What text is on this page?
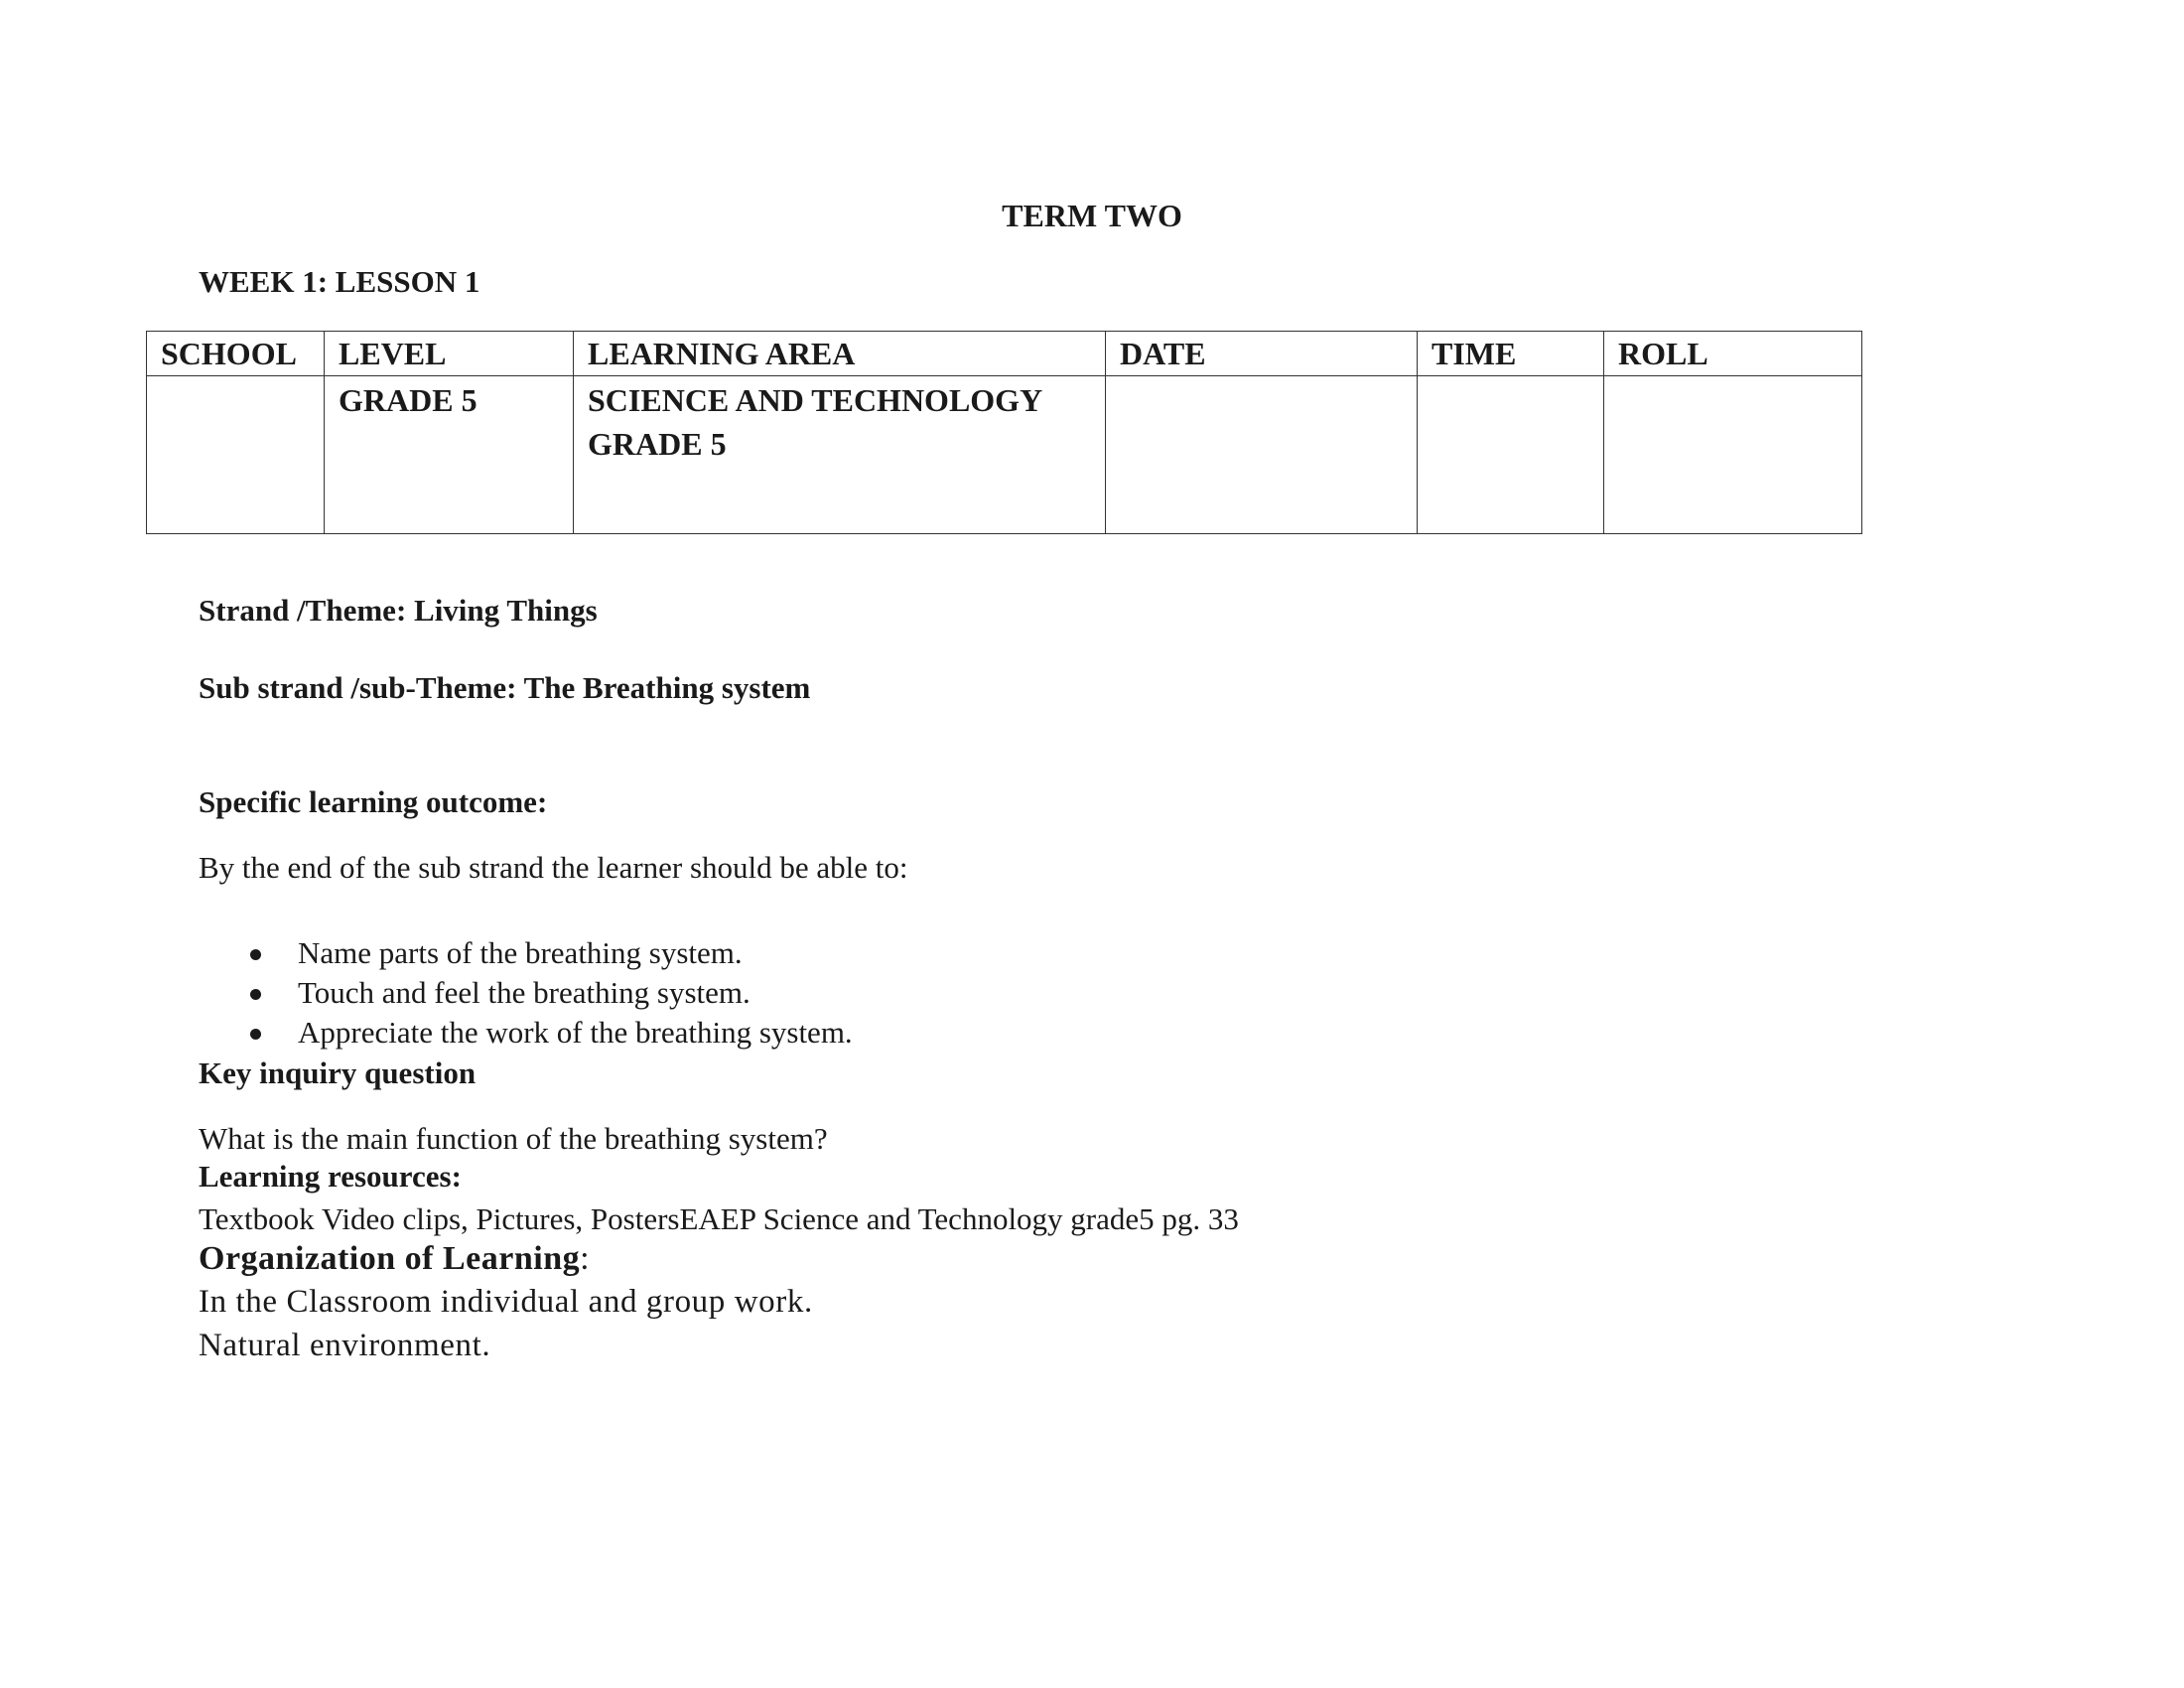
TERM TWO
WEEK 1: LESSON 1
SCHOOL	LEVEL	LEARNING AREA	DATE	TIME	ROLL
	GRADE 5	SCIENCE AND TECHNOLOGY
GRADE 5			

Strand /Theme: Living Things
Sub strand /sub-Theme: The Breathing system
Specific learning outcome:
By the end of the sub strand the learner should be able to:
Name parts of the breathing system.
Touch and feel the breathing system.
Appreciate the work of the breathing system.
Key inquiry question
What is the main function of the breathing system?
Learning resources:
Textbook Video clips, Pictures, PostersEAEP Science and Technology grade5 pg. 33
Organization of Learning:
In the Classroom individual and group work.
Natural environment.
